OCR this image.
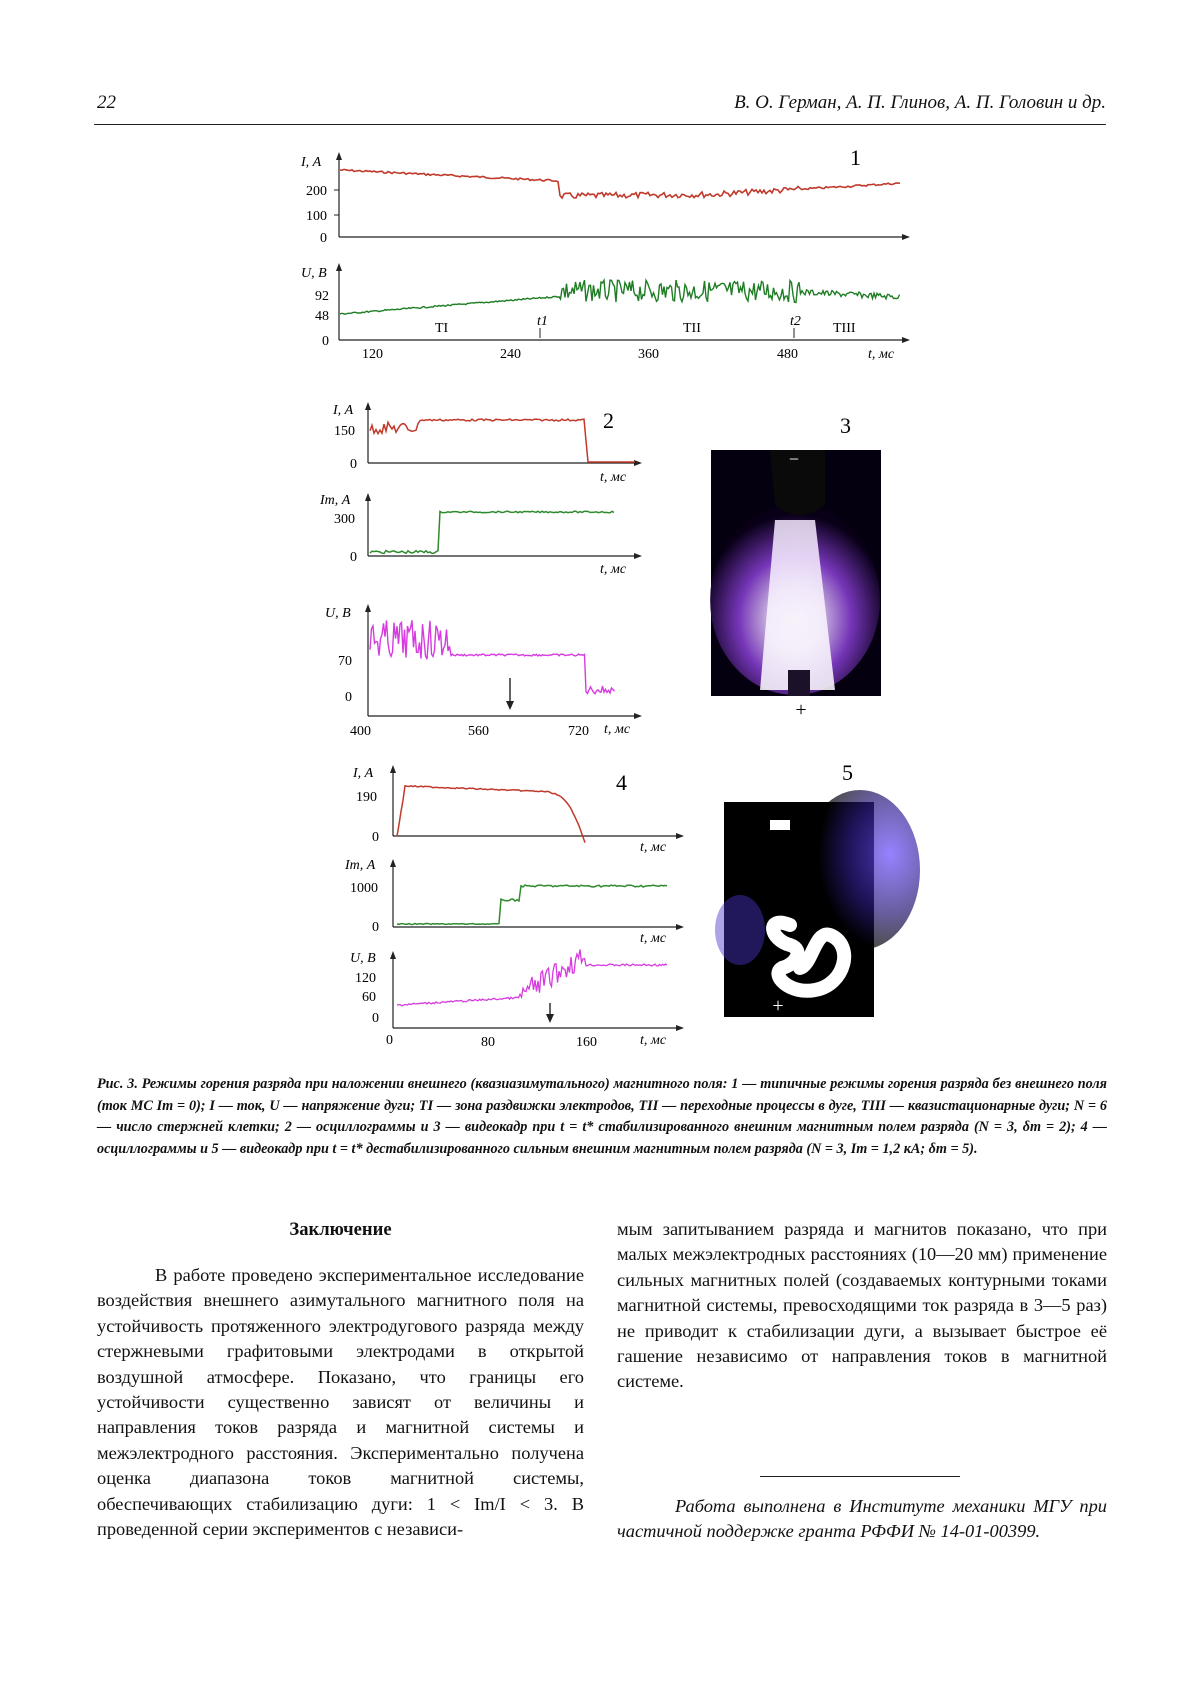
22	В. О. Герман, А. П. Глинов, А. П. Головин и др.
1
I, А
200
100
0
U, В
92
48
0
ТI	ТII	ТIII
t1	t2
120	240	360	480	t, мс
2
I, А
150
0
t, мс
Im, А
300
0
t, мс
U, В
70
0
400	560	720 t, мс
3
−
+
4
I, А
190
0
t, мс
Im, А
1000
0
t, мс
U, В
120
60
0
0	80	160	t, мс
5
+
Рис. 3. Режимы горения разряда при наложении внешнего (квазиазимутального) магнитного поля: 1 — типичные режимы горения разряда без внешнего поля (ток МС Im = 0); I — ток, U — напряжение дуги; ТI — зона раздвижки электродов, ТII — переходные процессы в дуге, ТIII — квазистационарные дуги; N = 6 — число стержней клетки; 2 — осциллограммы и 3 — видеокадр при t = t* стабилизированного внешним магнитным полем разряда (N = 3, δm = 2); 4 — осциллограммы и 5 — видеокадр при t = t* дестабилизированного сильным внешним магнитным полем разряда (N = 3, Im = 1,2 кА; δm = 5).
Заключение

В работе проведено экспериментальное исследование воздействия внешнего азимутального магнитного поля на устойчивость протяженного электродугового разряда между стержневыми графитовыми электродами в открытой воздушной атмосфере. Показано, что границы его устойчивости существенно зависят от величины и направления токов разряда и магнитной системы и межэлектродного расстояния. Экспериментально получена оценка диапазона токов магнитной системы, обеспечивающих стабилизацию дуги: 1 < Im/I < 3. В проведенной серии экспериментов с независи-

мым запитыванием разряда и магнитов показано, что при малых межэлектродных расстояниях (10—20 мм) применение сильных магнитных полей (создаваемых контурными токами магнитной системы, превосходящими ток разряда в 3—5 раз) не приводит к стабилизации дуги, а вызывает быстрое её гашение независимо от направления токов в магнитной системе.

Работа выполнена в Институте механики МГУ при частичной поддержке гранта РФФИ № 14-01-00399.
